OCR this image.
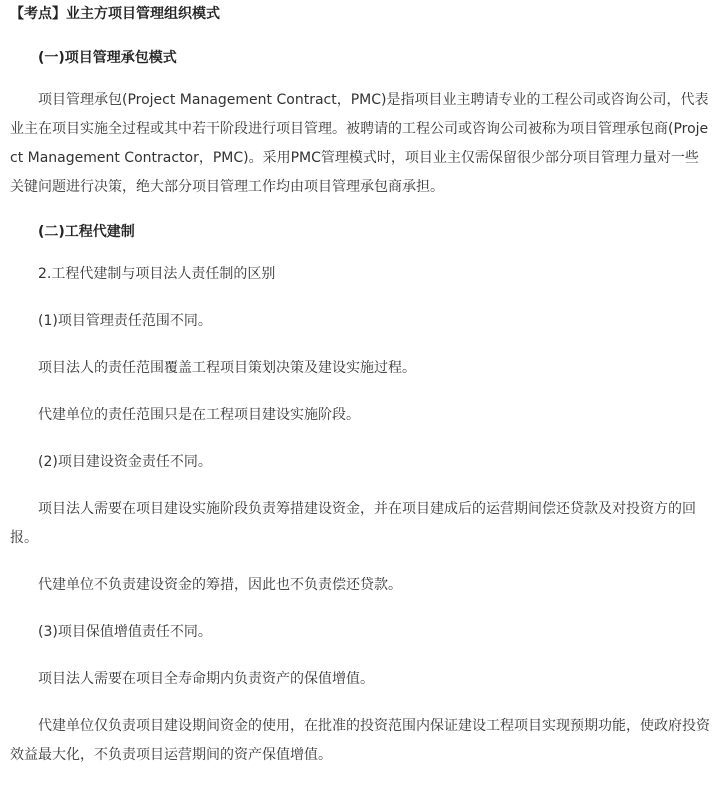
【考点】业主方项目管理组织模式
(一)项目管理承包模式
项目管理承包(Project Management Contract，PMC)是指项目业主聘请专业的工程公司或咨询公司，代表业主在项目实施全过程或其中若干阶段进行项目管理。被聘请的工程公司或咨询公司被称为项目管理承包商(Project Management Contractor，PMC)。采用PMC管理模式时，项目业主仅需保留很少部分项目管理力量对一些关键问题进行决策，绝大部分项目管理工作均由项目管理承包商承担。
(二)工程代建制
2.工程代建制与项目法人责任制的区别
(1)项目管理责任范围不同。
项目法人的责任范围覆盖工程项目策划决策及建设实施过程。
代建单位的责任范围只是在工程项目建设实施阶段。
(2)项目建设资金责任不同。
项目法人需要在项目建设实施阶段负责筹措建设资金，并在项目建成后的运营期间偿还贷款及对投资方的回报。
代建单位不负责建设资金的筹措，因此也不负责偿还贷款。
(3)项目保值增值责任不同。
项目法人需要在项目全寿命期内负责资产的保值增值。
代建单位仅负责项目建设期间资金的使用，在批准的投资范围内保证建设工程项目实现预期功能，使政府投资效益最大化，不负责项目运营期间的资产保值增值。
